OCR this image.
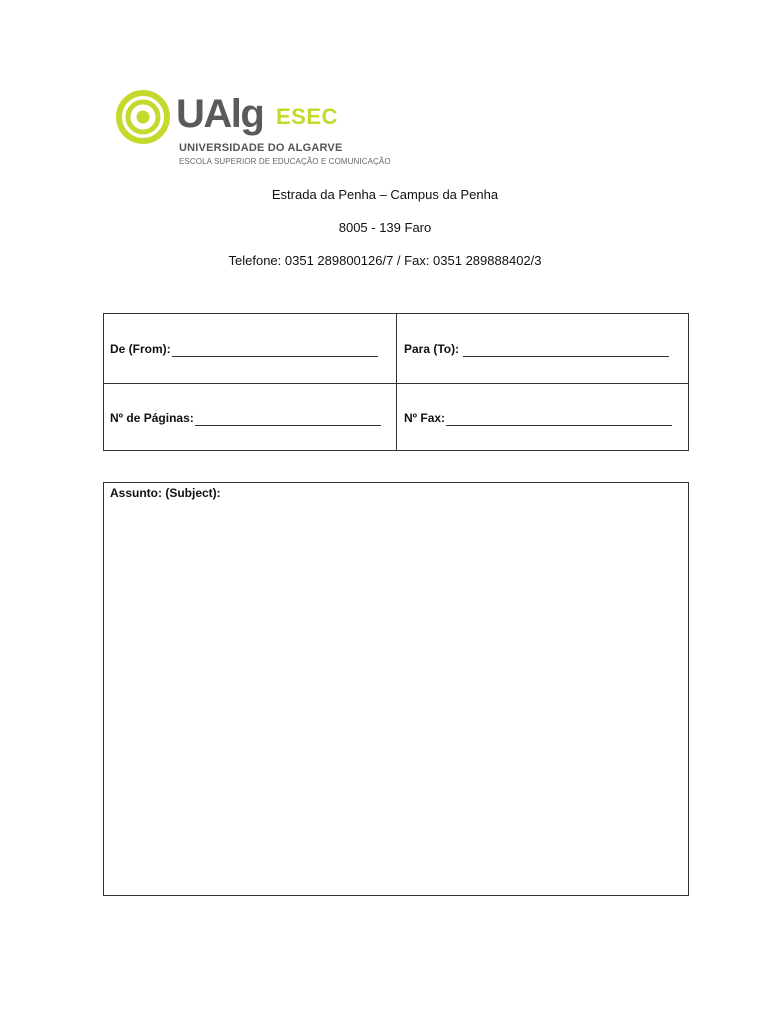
UAlg ESEC
UNIVERSIDADE DO ALGARVE
ESCOLA SUPERIOR DE EDUCAÇÃO E COMUNICAÇÃO
Estrada da Penha – Campus da Penha
8005 - 139 Faro
Telefone: 0351 289800126/7 / Fax: 0351 289888402/3
De (From):	Para (To):
Nº de Páginas:	Nº Fax:
Assunto: (Subject):
